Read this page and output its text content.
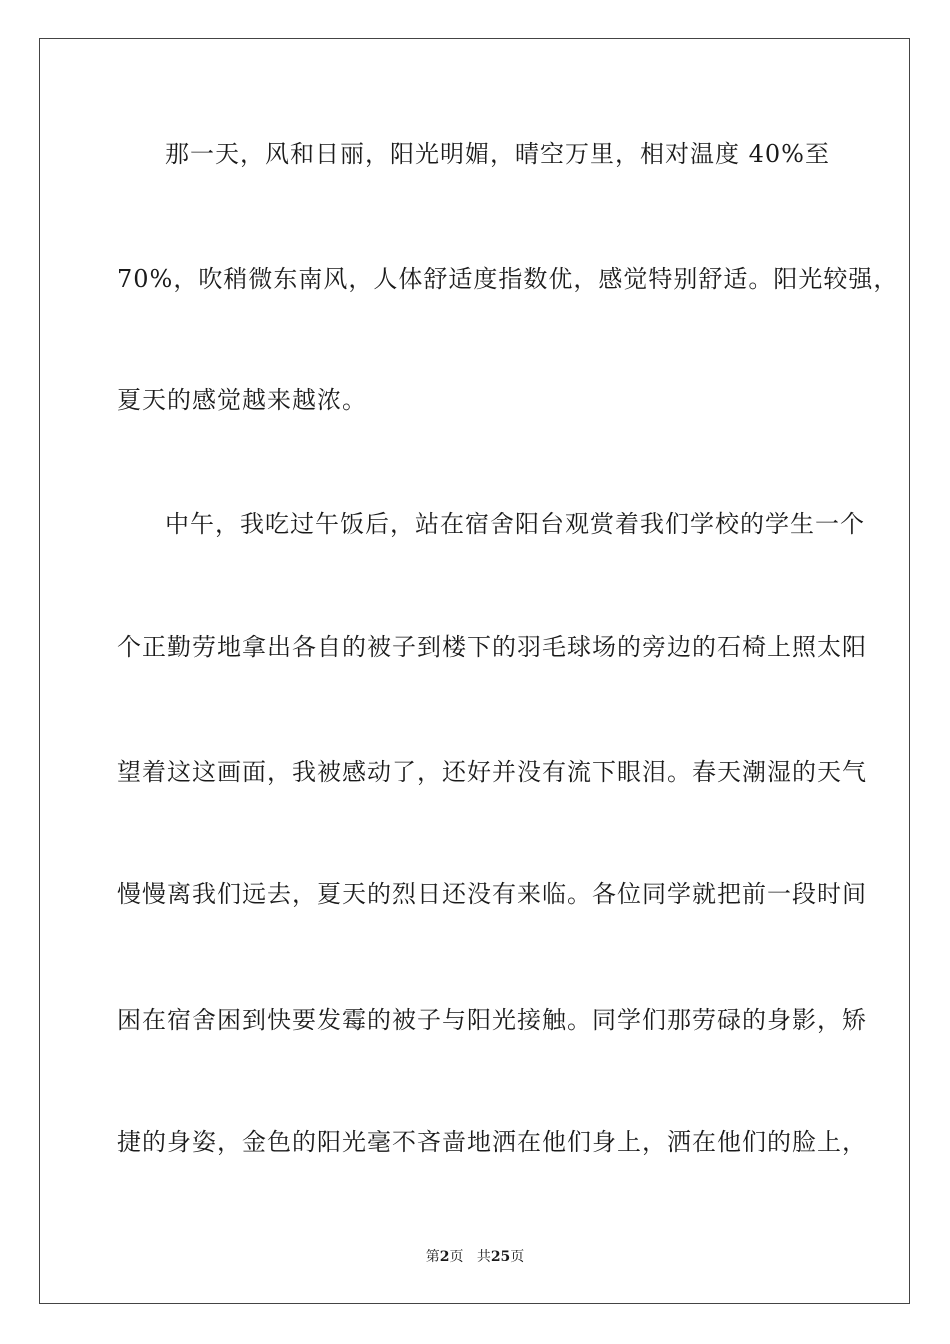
那一天，风和日丽，阳光明媚，晴空万里，相对温度 40%至
70%，吹稍微东南风，人体舒适度指数优，感觉特别舒适。阳光较强，
夏天的感觉越来越浓。
中午，我吃过午饭后，站在宿舍阳台观赏着我们学校的学生一个
个正勤劳地拿出各自的被子到楼下的羽毛球场的旁边的石椅上照太阳
望着这这画面，我被感动了，还好并没有流下眼泪。春天潮湿的天气
慢慢离我们远去，夏天的烈日还没有来临。各位同学就把前一段时间
困在宿舍困到快要发霉的被子与阳光接触。同学们那劳碌的身影，矫
捷的身姿，金色的阳光毫不吝啬地洒在他们身上，洒在他们的脸上，
第2页 共25页
